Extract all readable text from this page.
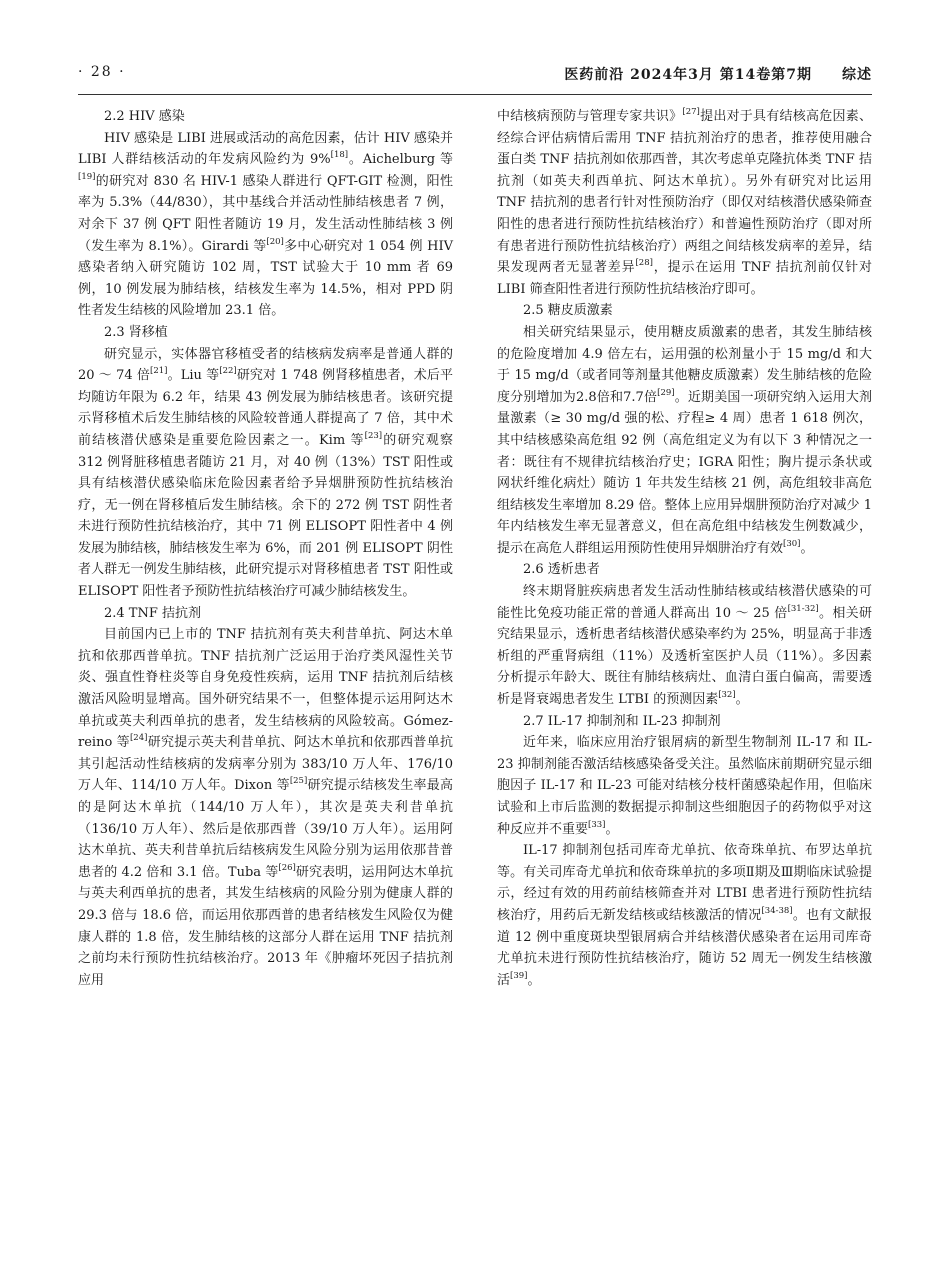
· 28 ·	医药前沿 2024年3月 第14卷第7期 综述
2.2 HIV 感染

HIV 感染是 LIBI 进展或活动的高危因素，估计 HIV 感染并 LIBI 人群结核活动的年发病风险约为 9%[18]。Aichelburg 等[19]的研究对 830 名 HIV-1 感染人群进行 QFT-GIT 检测，阳性率为 5.3%（44/830），其中基线合并活动性肺结核患者 7 例，对余下 37 例 QFT 阳性者随访 19 月，发生活动性肺结核 3 例（发生率为 8.1%）。Girardi 等[20]多中心研究对 1 054 例 HIV 感染者纳入研究随访 102 周，TST 试验大于 10 mm 者 69 例，10 例发展为肺结核，结核发生率为 14.5%，相对 PPD 阴性者发生结核的风险增加 23.1 倍。

2.3 肾移植

研究显示，实体器官移植受者的结核病发病率是普通人群的 20 ～ 74 倍[21]。Liu 等[22]研究对 1 748 例肾移植患者，术后平均随访年限为 6.2 年，结果 43 例发展为肺结核患者。该研究提示肾移植术后发生肺结核的风险较普通人群提高了 7 倍，其中术前结核潜伏感染是重要危险因素之一。Kim 等[23]的研究观察 312 例肾脏移植患者随访 21 月，对 40 例（13%）TST 阳性或具有结核潜伏感染临床危险因素者给予异烟肼预防性抗结核治疗，无一例在肾移植后发生肺结核。余下的 272 例 TST 阴性者未进行预防性抗结核治疗，其中 71 例 ELISOPT 阳性者中 4 例发展为肺结核，肺结核发生率为 6%，而 201 例 ELISOPT 阴性者人群无一例发生肺结核，此研究提示对肾移植患者 TST 阳性或 ELISOPT 阳性者予预防性抗结核治疗可减少肺结核发生。

2.4 TNF 拮抗剂

目前国内已上市的 TNF 拮抗剂有英夫利昔单抗、阿达木单抗和依那西普单抗。TNF 拮抗剂广泛运用于治疗类风湿性关节炎、强直性脊柱炎等自身免疫性疾病，运用 TNF 拮抗剂后结核激活风险明显增高。国外研究结果不一，但整体提示运用阿达木单抗或英夫利西单抗的患者，发生结核病的风险较高。Gómez-reino 等[24]研究提示英夫利昔单抗、阿达木单抗和依那西普单抗其引起活动性结核病的发病率分别为 383/10 万人年、176/10 万人年、114/10 万人年。Dixon 等[25]研究提示结核发生率最高的是阿达木单抗（144/10 万人年），其次是英夫利昔单抗（136/10 万人年）、然后是依那西普（39/10 万人年）。运用阿达木单抗、英夫利昔单抗后结核病发生风险分别为运用依那昔普患者的 4.2 倍和 3.1 倍。Tuba 等[26]研究表明，运用阿达木单抗与英夫利西单抗的患者，其发生结核病的风险分别为健康人群的 29.3 倍与 18.6 倍，而运用依那西普的患者结核发生风险仅为健康人群的 1.8 倍，发生肺结核的这部分人群在运用 TNF 拮抗剂之前均未行预防性抗结核治疗。2013 年《肿瘤坏死因子拮抗剂应用

中结核病预防与管理专家共识》[27]提出对于具有结核高危因素、经综合评估病情后需用 TNF 拮抗剂治疗的患者，推荐使用融合蛋白类 TNF 拮抗剂如依那西普，其次考虑单克隆抗体类 TNF 拮抗剂（如英夫利西单抗、阿达木单抗）。另外有研究对比运用 TNF 拮抗剂的患者行针对性预防治疗（即仅对结核潜伏感染筛查阳性的患者进行预防性抗结核治疗）和普遍性预防治疗（即对所有患者进行预防性抗结核治疗）两组之间结核发病率的差异，结果发现两者无显著差异[28]，提示在运用 TNF 拮抗剂前仅针对 LIBI 筛查阳性者进行预防性抗结核治疗即可。

2.5 糖皮质激素

相关研究结果显示，使用糖皮质激素的患者，其发生肺结核的危险度增加 4.9 倍左右，运用强的松剂量小于 15 mg/d 和大于 15 mg/d（或者同等剂量其他糖皮质激素）发生肺结核的危险度分别增加为2.8倍和7.7倍[29]。近期美国一项研究纳入运用大剂量激素（≥ 30 mg/d 强的松、疗程≥ 4 周）患者 1 618 例次，其中结核感染高危组 92 例（高危组定义为有以下 3 种情况之一者：既往有不规律抗结核治疗史；IGRA 阳性；胸片提示条状或网状纤维化病灶）随访 1 年共发生结核 21 例，高危组较非高危组结核发生率增加 8.29 倍。整体上应用异烟肼预防治疗对减少 1 年内结核发生率无显著意义，但在高危组中结核发生例数减少，提示在高危人群组运用预防性使用异烟肼治疗有效[30]。

2.6 透析患者

终末期肾脏疾病患者发生活动性肺结核或结核潜伏感染的可能性比免疫功能正常的普通人群高出 10 ～ 25 倍[31-32]。相关研究结果显示，透析患者结核潜伏感染率约为 25%，明显高于非透析组的严重肾病组（11%）及透析室医护人员（11%）。多因素分析提示年龄大、既往有肺结核病灶、血清白蛋白偏高，需要透析是肾衰竭患者发生 LTBI 的预测因素[32]。

2.7 IL-17 抑制剂和 IL-23 抑制剂

近年来，临床应用治疗银屑病的新型生物制剂 IL-17 和 IL-23 抑制剂能否激活结核感染备受关注。虽然临床前期研究显示细胞因子 IL-17 和 IL-23 可能对结核分枝杆菌感染起作用，但临床试验和上市后监测的数据提示抑制这些细胞因子的药物似乎对这种反应并不重要[33]。

IL-17 抑制剂包括司库奇尤单抗、依奇珠单抗、布罗达单抗等。有关司库奇尤单抗和依奇珠单抗的多项Ⅱ期及Ⅲ期临床试验提示，经过有效的用药前结核筛查并对 LTBI 患者进行预防性抗结核治疗，用药后无新发结核或结核激活的情况[34-38]。也有文献报道 12 例中重度斑块型银屑病合并结核潜伏感染者在运用司库奇尤单抗未进行预防性抗结核治疗，随访 52 周无一例发生结核激活[39]。
